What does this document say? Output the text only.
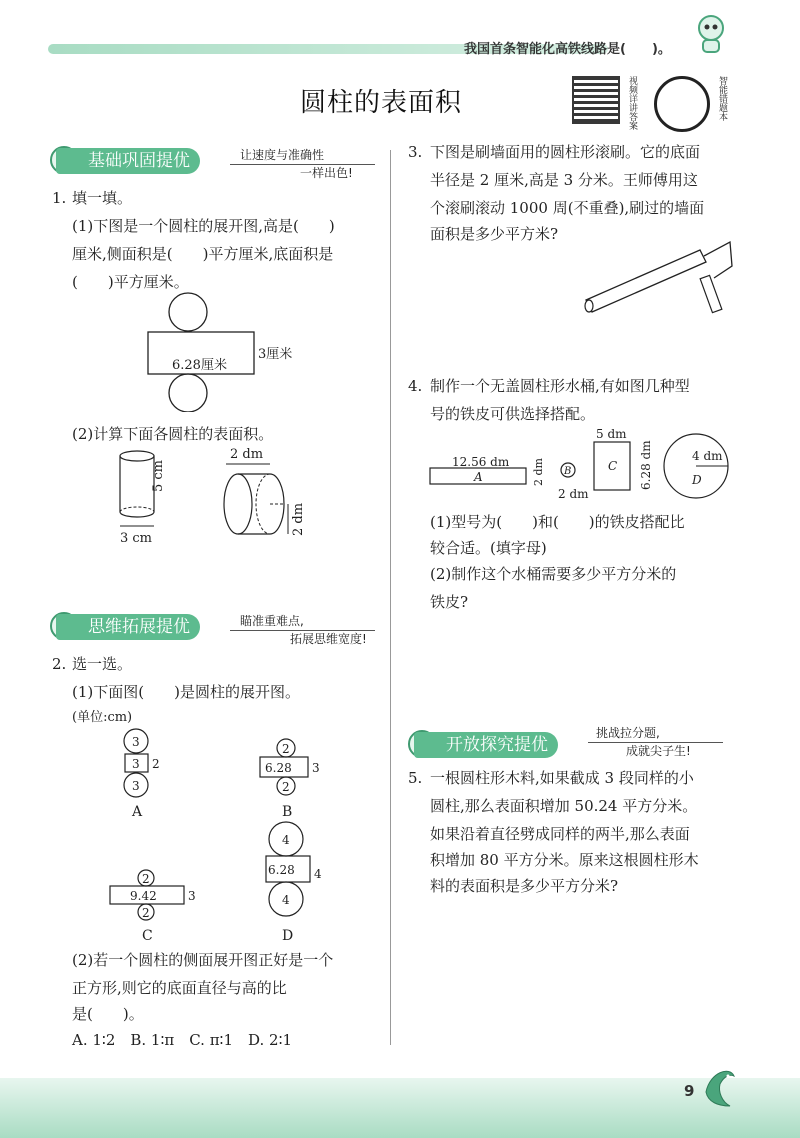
我国首条智能化高铁线路是(　　)。
圆柱的表面积	视频详讲答案	智能错题本
基础巩固提优	让速度与准确性
一样出色!
1. 填一填。
(1)下图是一个圆柱的展开图,高是(　　)
厘米,侧面积是(　　)平方厘米,底面积是
(　　)平方厘米。
6.28厘米
3厘米
(2)计算下面各圆柱的表面积。
5 cm
3 cm
2 dm
2 dm
思维拓展提优	瞄准重难点,
拓展思维宽度!
2. 选一选。
(1)下面图(　　)是圆柱的展开图。
(单位:cm)
3
3 2
3
A
2
6.28 3
2
B
2
9.42	3
2
C
4
6.28 4
4
D
(2)若一个圆柱的侧面展开图正好是一个
正方形,则它的底面直径与高的比
是(　　)。
A. 1∶2　B. 1∶π　C. π∶1　D. 2∶1
3. 下图是刷墙面用的圆柱形滚刷。它的底面
半径是 2 厘米,高是 3 分米。王师傅用这
个滚刷滚动 1000 周(不重叠),刷过的墙面
面积是多少平方米?
4. 制作一个无盖圆柱形水桶,有如图几种型
号的铁皮可供选择搭配。
12.56 dm
A	2 dm B
2 dm
5 dm
C 6.28 dm	4 dm
D
(1)型号为(　　)和(　　)的铁皮搭配比
较合适。(填字母)
(2)制作这个水桶需要多少平方分米的
铁皮?
开放探究提优
挑战拉分题,
成就尖子生!
5. 一根圆柱形木料,如果截成 3 段同样的小
圆柱,那么表面积增加 50.24 平方分米。
如果沿着直径劈成同样的两半,那么表面
积增加 80 平方分米。原来这根圆柱形木
料的表面积是多少平方分米?
9
